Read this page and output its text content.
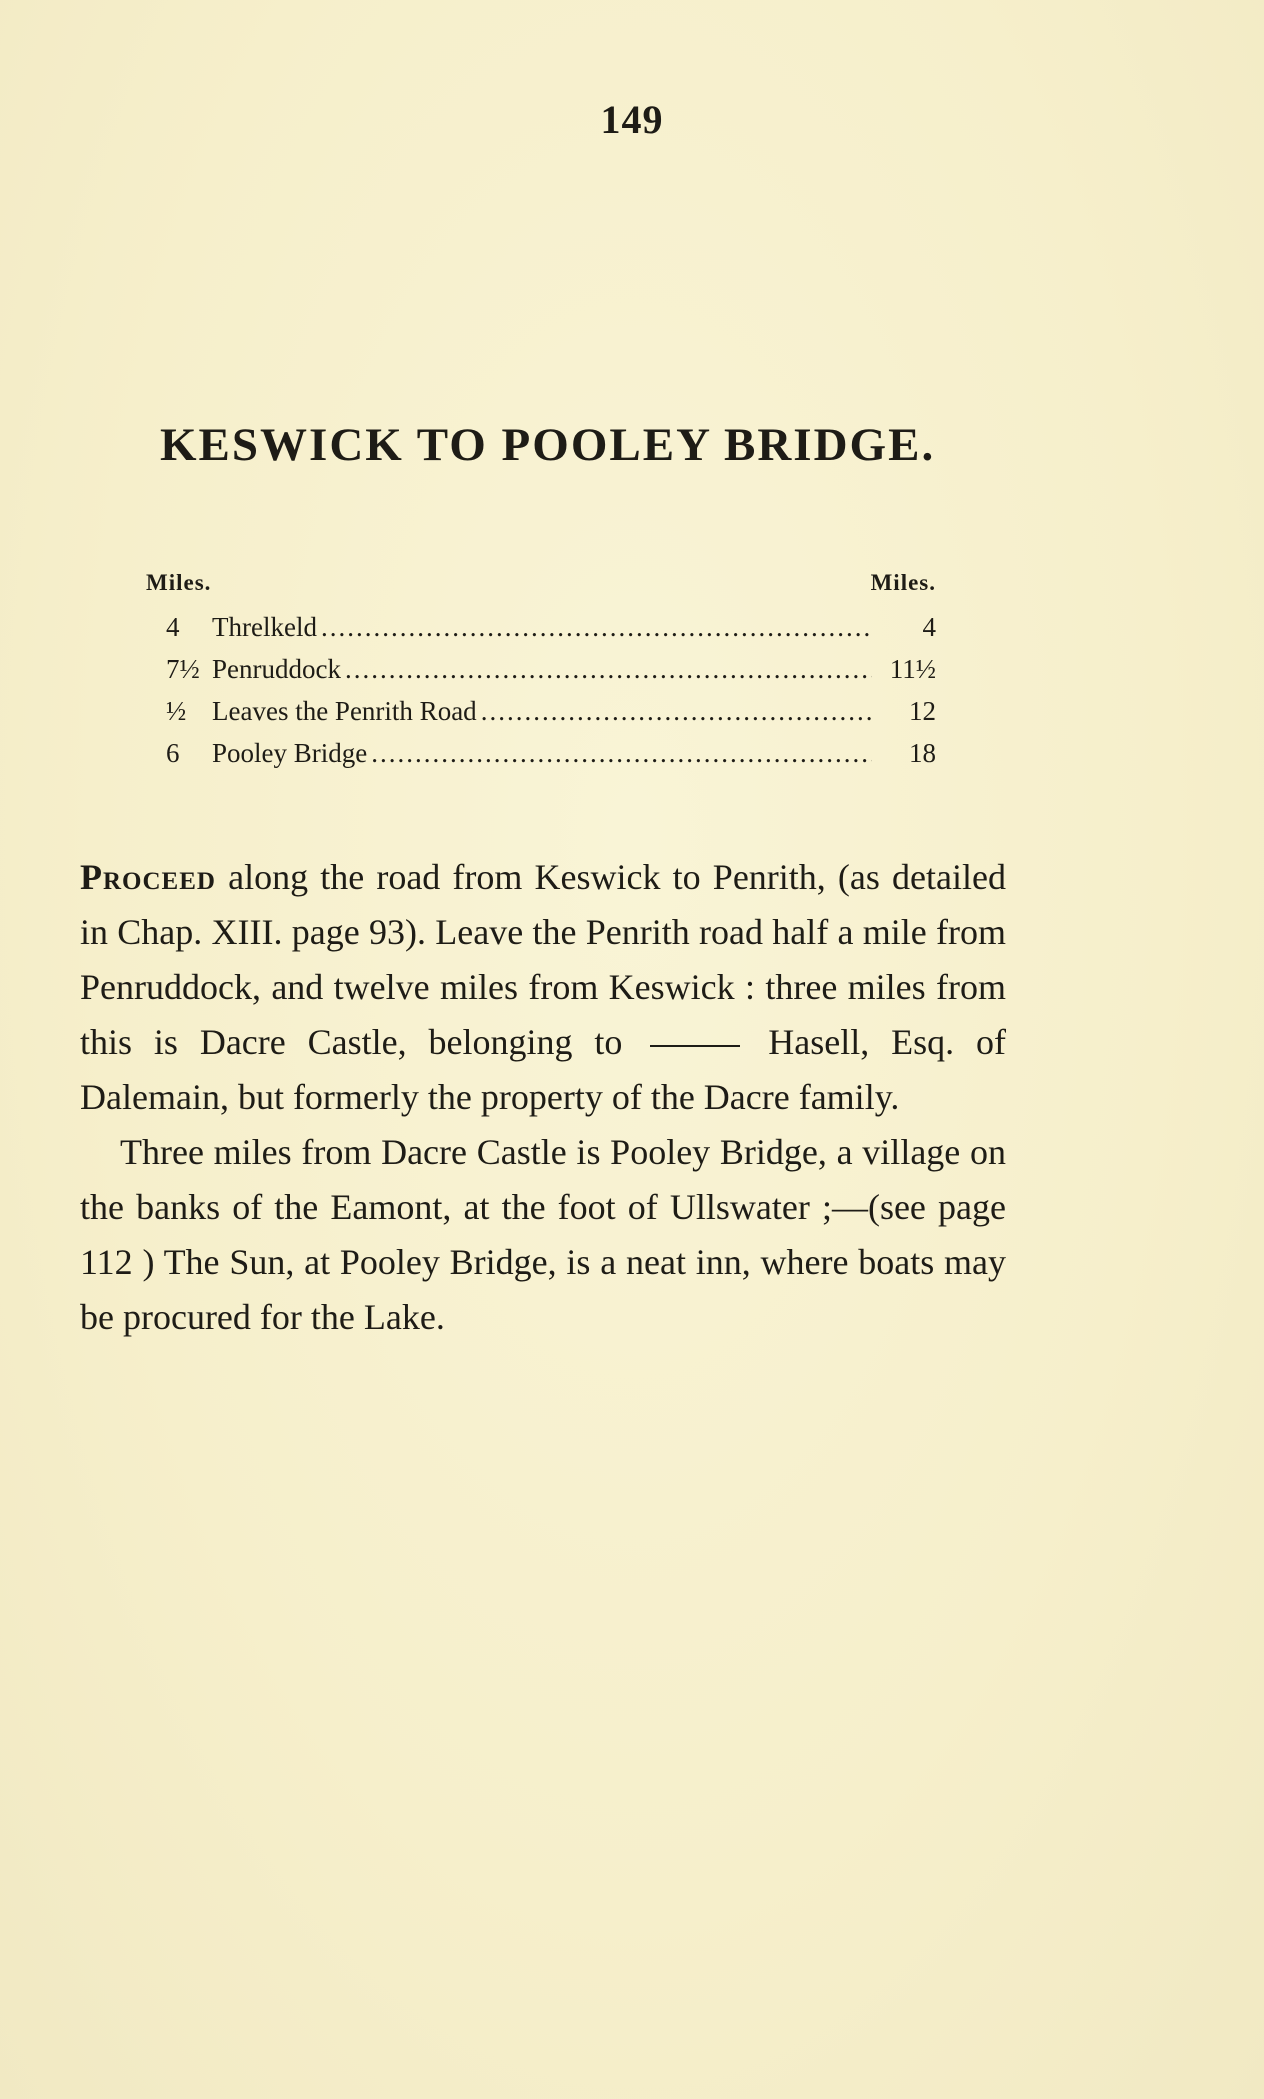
149
KESWICK TO POOLEY BRIDGE.
Miles.	Miles.
4	Threlkeld .....	4
7½ Penruddock .....	11½
½ Leaves the Penrith Road .....	12
6	Pooley Bridge .....	18

Proceed along the road from Keswick to Penrith, (as detailed in Chap. XIII. page 93). Leave the Penrith road half a mile from Penruddock, and twelve miles from Keswick : three miles from this is Dacre Castle, belonging to	Hasell, Esq. of Dalemain, but formerly the property of the Dacre family.

Three miles from Dacre Castle is Pooley Bridge, a village on the banks of the Eamont, at the foot of Ullswater ;—(see page 112 ) The Sun, at Pooley Bridge, is a neat inn, where boats may be procured for the Lake.
